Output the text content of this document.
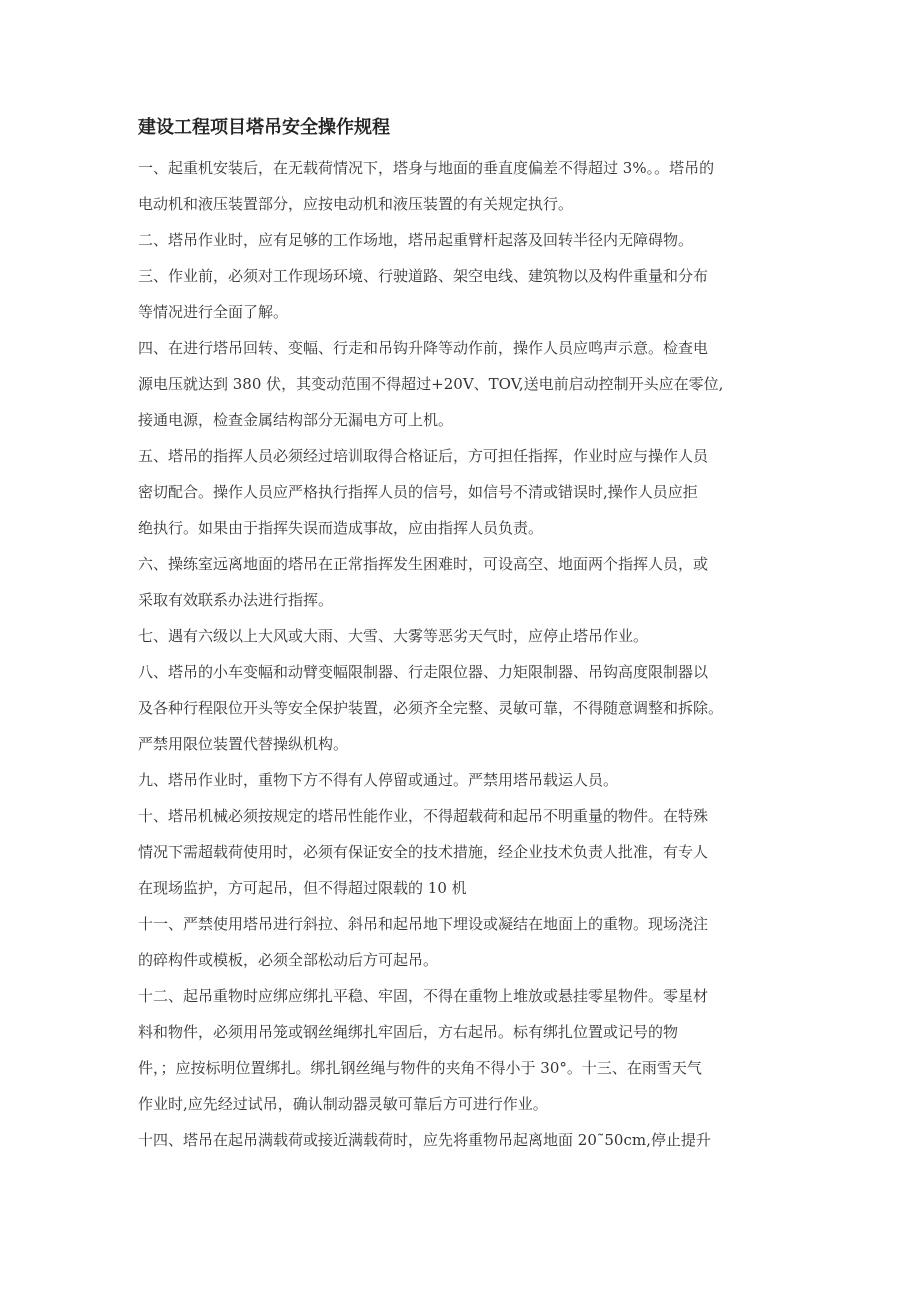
建设工程项目塔吊安全操作规程

一、起重机安装后，在无载荷情况下，塔身与地面的垂直度偏差不得超过 3%。。塔吊的
电动机和液压装置部分，应按电动机和液压装置的有关规定执行。

二、塔吊作业时，应有足够的工作场地，塔吊起重臂杆起落及回转半径内无障碍物。

三、作业前，必须对工作现场环境、行驶道路、架空电线、建筑物以及构件重量和分布
等情况进行全面了解。

四、在进行塔吊回转、变幅、行走和吊钩升降等动作前，操作人员应鸣声示意。检查电
源电压就达到 380 伏，其变动范围不得超过+20V、TOV,送电前启动控制开头应在零位,
接通电源，检查金属结构部分无漏电方可上机。

五、塔吊的指挥人员必须经过培训取得合格证后，方可担任指挥，作业时应与操作人员
密切配合。操作人员应严格执行指挥人员的信号，如信号不清或错误时,操作人员应拒
绝执行。如果由于指挥失误而造成事故，应由指挥人员负责。

六、操练室远离地面的塔吊在正常指挥发生困难时，可设高空、地面两个指挥人员，或
采取有效联系办法进行指挥。

七、遇有六级以上大风或大雨、大雪、大雾等恶劣天气时，应停止塔吊作业。

八、塔吊的小车变幅和动臂变幅限制器、行走限位器、力矩限制器、吊钩高度限制器以
及各种行程限位开头等安全保护装置，必须齐全完整、灵敏可靠，不得随意调整和拆除。
严禁用限位装置代替操纵机构。

九、塔吊作业时，重物下方不得有人停留或通过。严禁用塔吊载运人员。

十、塔吊机械必须按规定的塔吊性能作业，不得超载荷和起吊不明重量的物件。在特殊
情况下需超载荷使用时，必须有保证安全的技术措施，经企业技术负责人批准，有专人
在现场监护，方可起吊，但不得超过限载的 10 机

十一、严禁使用塔吊进行斜拉、斜吊和起吊地下埋设或凝结在地面上的重物。现场浇注
的碎构件或模板，必须全部松动后方可起吊。

十二、起吊重物时应绑应绑扎平稳、牢固，不得在重物上堆放或悬挂零星物件。零星材
料和物件，必须用吊笼或钢丝绳绑扎牢固后，方右起吊。标有绑扎位置或记号的物
件，；应按标明位置绑扎。绑扎钢丝绳与物件的夹角不得小于 30°。十三、在雨雪天气
作业时,应先经过试吊，确认制动器灵敏可靠后方可进行作业。

十四、塔吊在起吊满载荷或接近满载荷时，应先将重物吊起离地面 20˜50cm,停止提升
